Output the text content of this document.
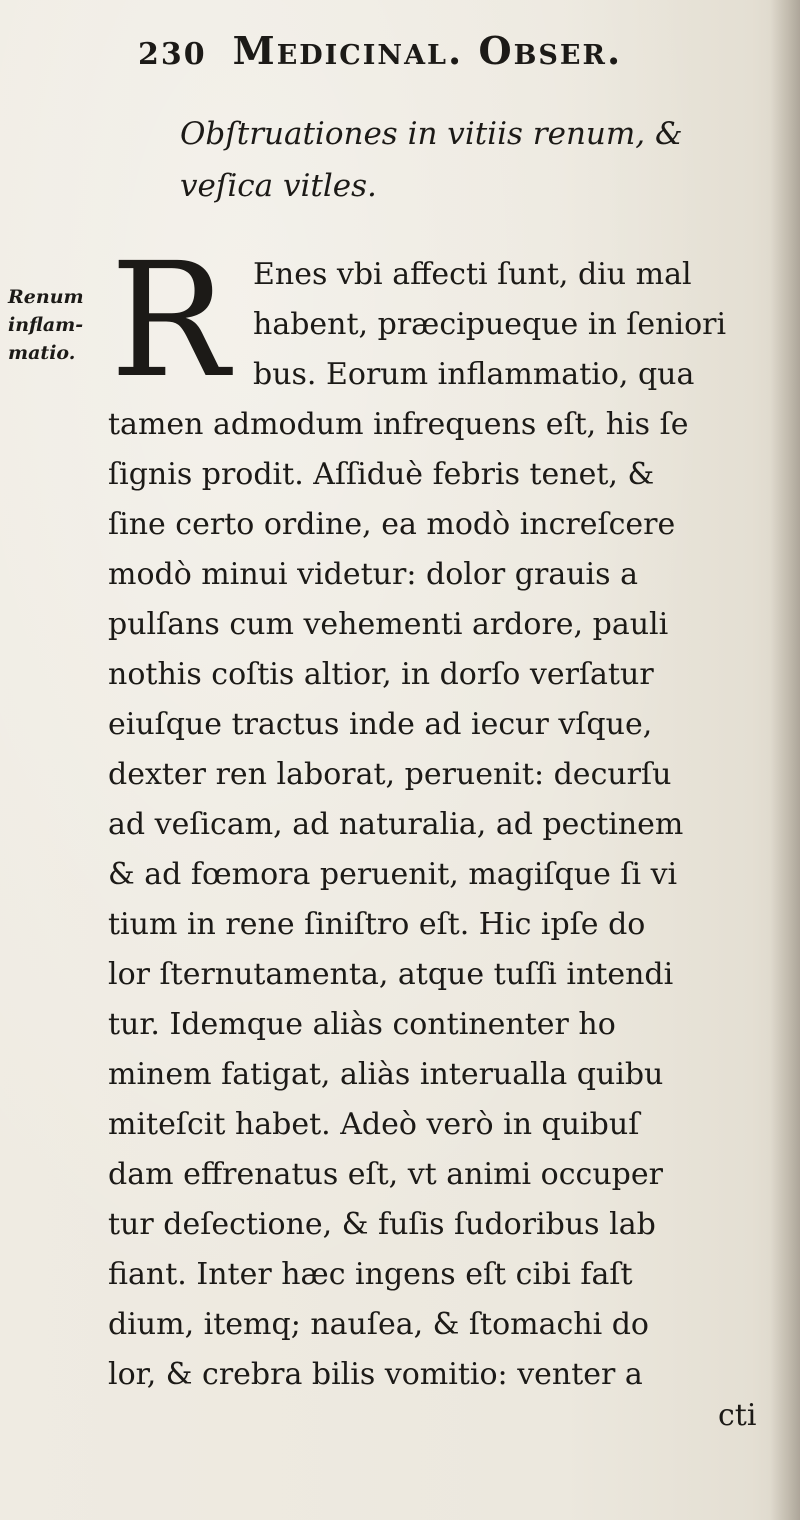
230 Medicinal. Obser.
Obſtruationes in vitiis renum, &
veſica vitles.
Renum
inflam-
matio. R Enes vbi affecti ſunt, diu mal
habent, præcipueque in ſeniori
bus. Eorum inflammatio, qua
tamen admodum infrequens eſt, his ſe
ſignis prodit. Aſſiduè febris tenet, &
ſine certo ordine, ea modò increſcere
modò minui videtur: dolor grauis a
pulſans cum vehementi ardore, pauli
nothis coſtis altior, in dorſo verſatur
eiuſque tractus inde ad iecur vſque,
dexter ren laborat, peruenit: decurſu
ad veſicam, ad naturalia, ad pectinem
& ad fœmora peruenit, magiſque ſi vi
tium in rene ſiniſtro eſt. Hic ipſe do
lor ſternutamenta, atque tuſſi intendi
tur. Idemque aliàs continenter ho
minem fatigat, aliàs interualla quibu
miteſcit habet. Adeò verò in quibuſ
dam effrenatus eſt, vt animi occuper
tur deſectione, & fuſis ſudoribus lab
fiant. Inter hæc ingens eſt cibi faſt
dium, itemq; nauſea, & ſtomachi do
lor, & crebra bilis vomitio: venter a
cti
